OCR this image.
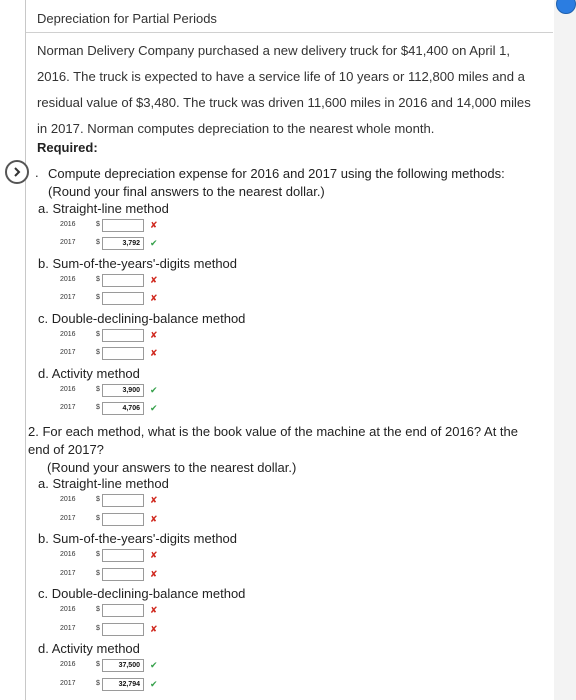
Depreciation for Partial Periods
Norman Delivery Company purchased a new delivery truck for $41,400 on April 1, 2016. The truck is expected to have a service life of 10 years or 112,800 miles and a residual value of $3,480. The truck was driven 11,600 miles in 2016 and 14,000 miles in 2017. Norman computes depreciation to the nearest whole month.
Required:
. Compute depreciation expense for 2016 and 2017 using the following methods: (Round your final answers to the nearest dollar.)
2. For each method, what is the book value of the machine at the end of 2016? At the end of 2017?
(Round your answers to the nearest dollar.)
a. Straight-line method
2016	$	✘
2017	$	3,792	✔
b. Sum-of-the-years'-digits method
2016	$	✘
2017	$	✘
c. Double-declining-balance method
2016	$	✘
2017	$	✘
d. Activity method
2016	$	3,900	✔
2017	$	4,706	✔
a. Straight-line method
2016	$	✘
2017	$	✘
b. Sum-of-the-years'-digits method
2016	$	✘
2017	$	✘
c. Double-declining-balance method
2016	$	✘
2017	$	✘
d. Activity method
2016	$	37,500	✔
2017	$	32,794	✔
